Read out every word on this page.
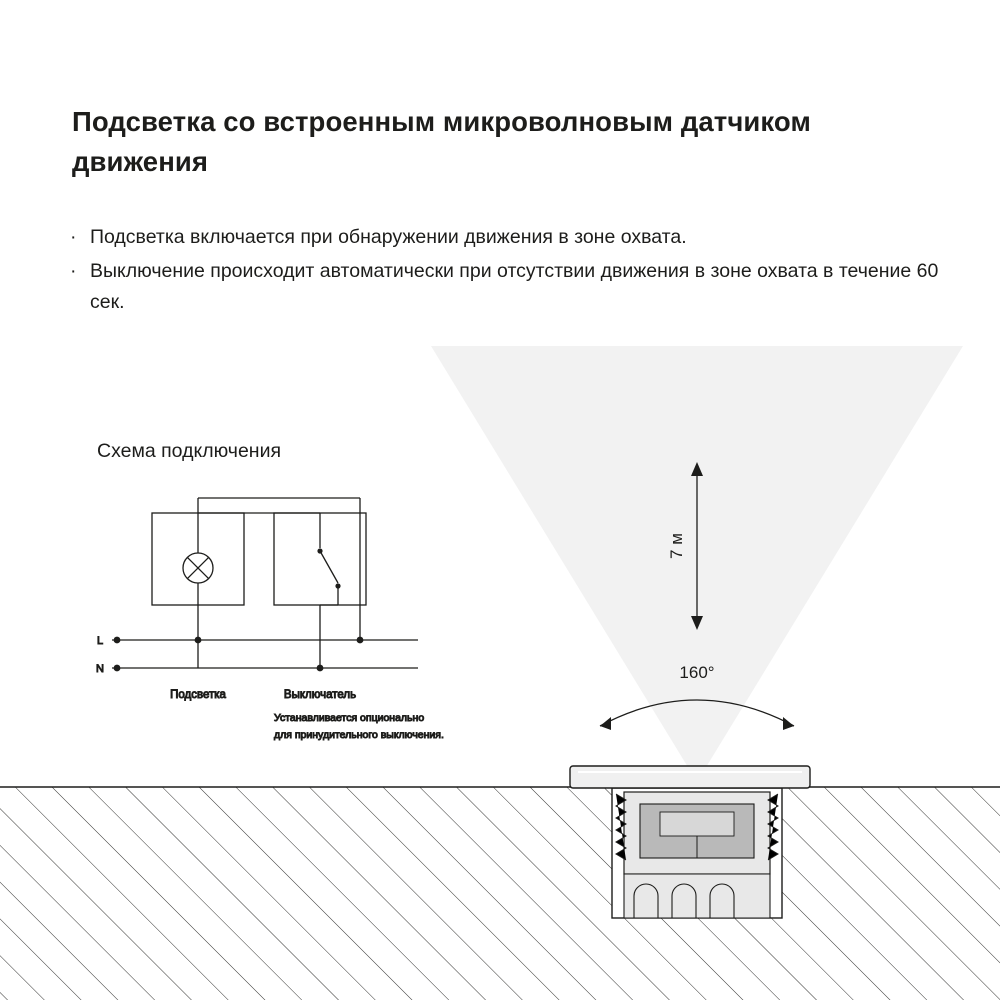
Подсветка со встроенным микроволновым датчиком движения
· Подсветка включается при обнаружении движения в зоне охвата.
· Выключение происходит автоматически при отсутствии движения в зоне охвата в течение 60 сек.
Схема подключения
160°
7 м
L
N
Подсветка	Выключатель
Устанавливается опционально
для принудительного выключения.
